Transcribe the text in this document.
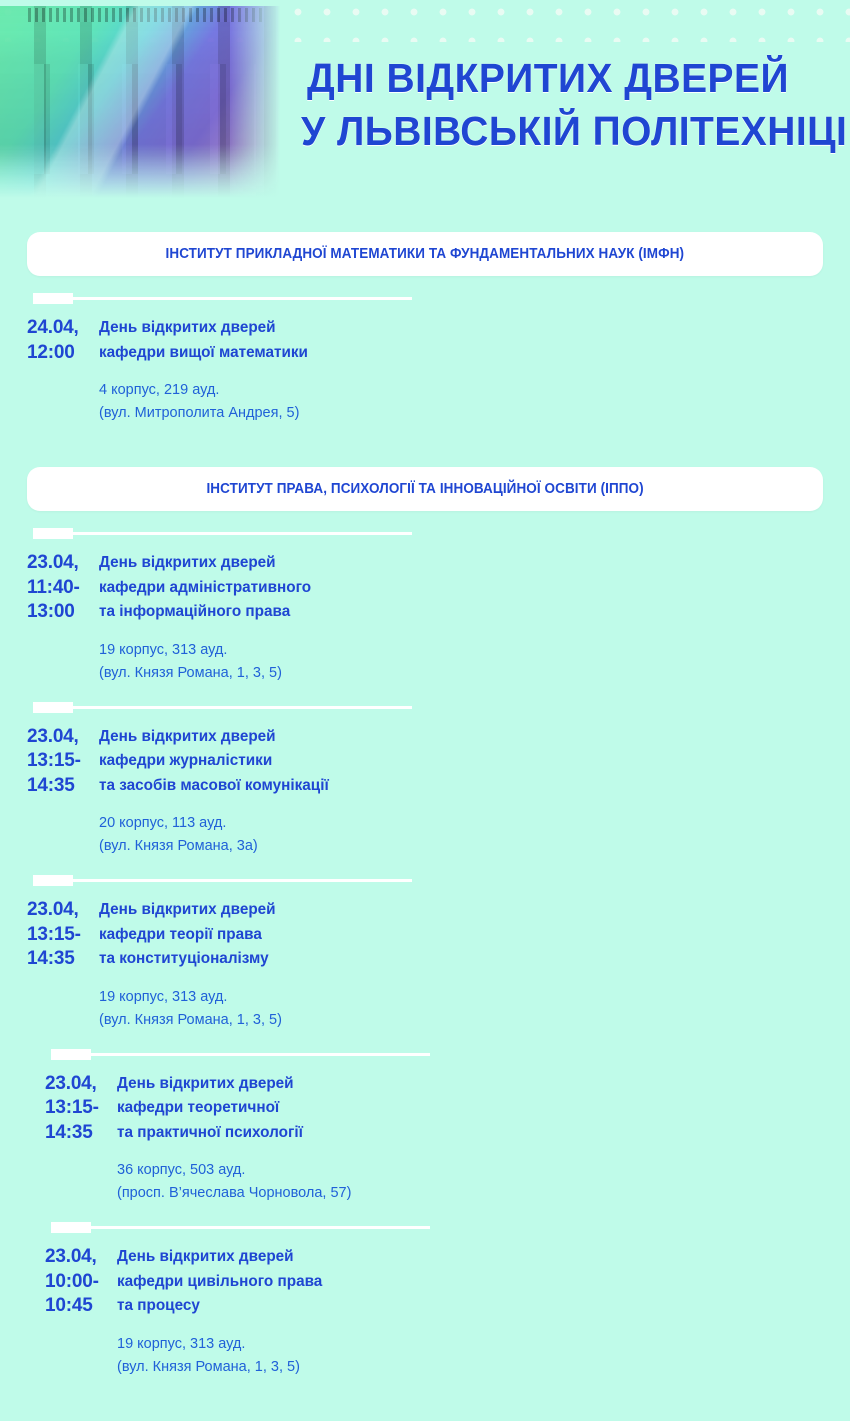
ДНІ ВІДКРИТИХ ДВЕРЕЙ
У ЛЬВІВСЬКІЙ ПОЛІТЕХНІЦІ
ІНСТИТУТ ПРИКЛАДНОЇ МАТЕМАТИКИ ТА ФУНДАМЕНТАЛЬНИХ НАУК (ІМФН)
24.04,
12:00
День відкритих дверей
кафедри вищої математики
4 корпус, 219 ауд.
(вул. Митрополита Андрея, 5)
ІНСТИТУТ ПРАВА, ПСИХОЛОГІЇ ТА ІННОВАЦІЙНОЇ ОСВІТИ (ІППО)
23.04,
11:40-
13:00
День відкритих дверей
кафедри адміністративного
та інформаційного права
19 корпус, 313 ауд.
(вул. Князя Романа, 1, 3, 5)
23.04,
13:15-
14:35
День відкритих дверей
кафедри журналістики
та засобів масової комунікації
20 корпус, 113 ауд.
(вул. Князя Романа, 3а)
23.04,
13:15-
14:35
День відкритих дверей
кафедри теорії права
та конституціоналізму
19 корпус, 313 ауд.
(вул. Князя Романа, 1, 3, 5)
23.04,
13:15-
14:35
День відкритих дверей
кафедри теоретичної
та практичної психології
36 корпус, 503 ауд.
(просп. В’ячеслава Чорновола, 57)
23.04,
10:00-
10:45
День відкритих дверей
кафедри цивільного права
та процесу
19 корпус, 313 ауд.
(вул. Князя Романа, 1, 3, 5)
